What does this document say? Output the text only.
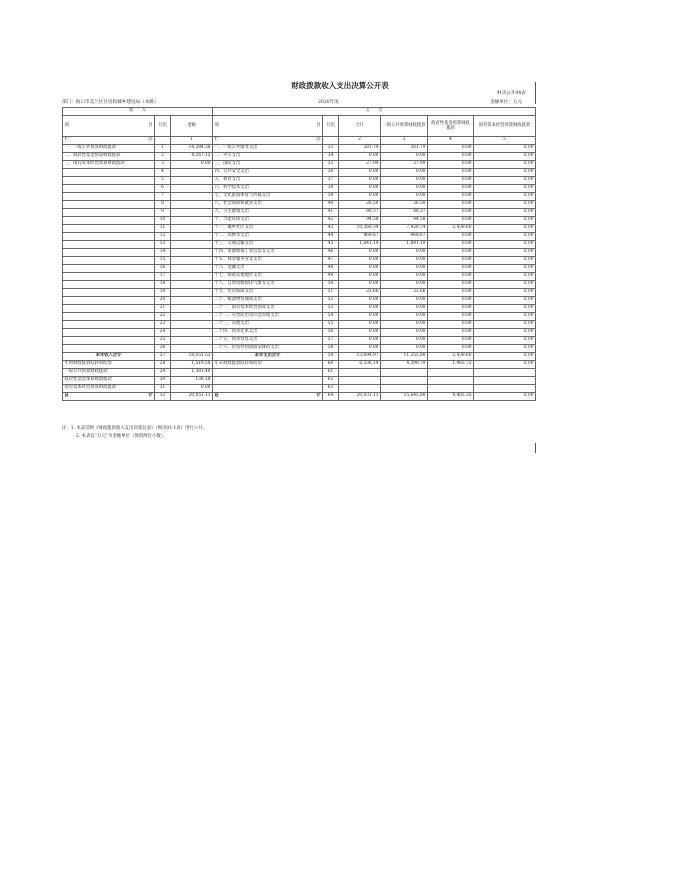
财政拨款收入支出决算公开表
财决公开04表
部门：海口市美兰区住房和城乡建设局（本级）	2020年度	金额单位：万元
收　　入			支　　出					

项 目	行次	金额	项 目	行次	合计	一般公共预算财政拨款	政府性基金预算财政拨款	国有资本经营预算财政拨款

栏 次		1	栏 次		2	3	4	5
一、一般公共预算财政拨款	1	14,284.38	一、一般公共服务支出	33	281.79	281.79	0.00	0.00
二、政府性基金预算财政拨款	2	4,267.15	二、外交支出	34	0.00	0.00	0.00	0.00
三、国有资本经营预算财政拨款	3	0.00	三、国防支出	35	27.99	27.99	0.00	0.00
	4		四、公共安全支出	36	0.00	0.00	0.00	0.00
	5		五、教育支出	37	0.00	0.00	0.00	0.00
	6		六、科学技术支出	38	0.00	0.00	0.00	0.00
	7		七、文化旅游体育与传媒支出	39	0.00	0.00	0.00	0.00
	8		八、社会保障和就业支出	40	26.50	26.50	0.00	0.00
	9		九、卫生健康支出	41	89.37	89.37	0.00	0.00
	10		十、节能环保支出	42	94.58	94.58	0.00	0.00
	11		十一、城乡社区支出	43	10,360.34	7,920.74	2,439.60	0.00
	12		十二、农林水支出	44	969.67	969.67	0.00	0.00
	13		十三、交通运输支出	45	1,841.19	1,841.19	0.00	0.00
	14		十四、资源勘探工业信息等支出	46	0.00	0.00	0.00	0.00
	15		十五、商业服务业等支出	47	0.00	0.00	0.00	0.00
	16		十六、金融支出	48	0.00	0.00	0.00	0.00
	17		十七、援助其他地区支出	49	0.00	0.00	0.00	0.00
	18		十八、自然资源海洋气象等支出	50	0.00	0.00	0.00	0.00
	19		十九、住房保障支出	51	23.66	23.66	0.00	0.00
	20		二十、粮油物资储备支出	52	0.00	0.00	0.00	0.00
	21		二十一、国有资本经营预算支出	53	0.00	0.00	0.00	0.00
	22		二十二、灾害防治及应急管理支出	54	0.00	0.00	0.00	0.00
	23		二十三、其他支出	55	0.00	0.00	0.00	0.00
	24		二十四、债务还本支出	56	0.00	0.00	0.00	0.00
	25		二十五、债务付息支出	57	0.00	0.00	0.00	0.00
	26		二十六、抗疫特别国债安排的支出	58	0.00	0.00	0.00	0.00
本年收入合计	27	18,551.53	本年支出合计	59	13,694.97	11,255.80	2,439.60	0.00
年初财政拨款结转和结余	28	1,519.58	年末财政拨款结转和结余	60	6,336.14	4,390.79	1,965.75	0.00
一般公共预算财政拨款	29	1,381.40		61				
政府性基金预算财政拨款	30	138.18		62				
国有资本经营预算财政拨款	31	0.00		63				

总 计	32	20,051.11	总 计	64	20,031.11	15,645.80	4,405.35	0.00
注：1. 本表反映《财政拨款收入支出决算总表》（财决01-1表）进行公开。
2. 本表以“万元”为金额单位（保留两位小数）。
